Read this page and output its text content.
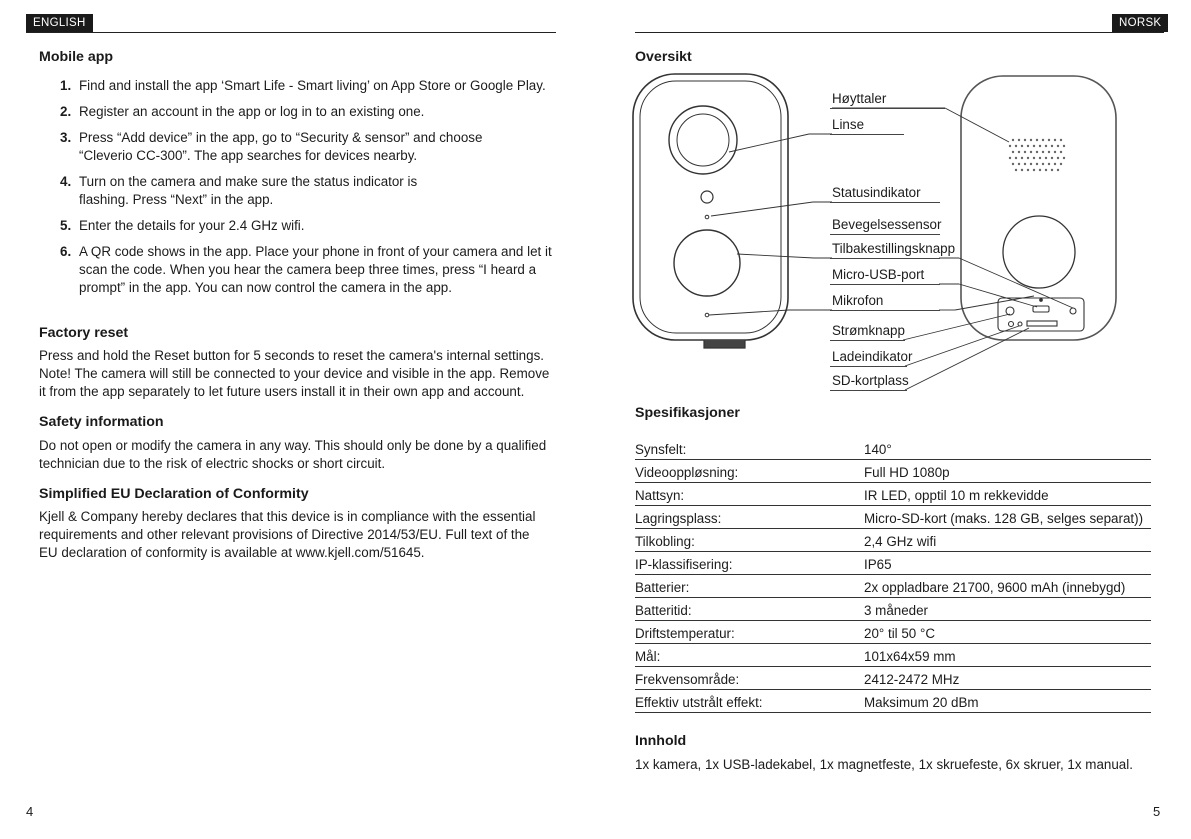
ENGLISH
Mobile app
1. Find and install the app ‘Smart Life - Smart living’ on App Store or Google Play.
2. Register an account in the app or log in to an existing one.
3. Press “Add device” in the app, go to “Security & sensor” and choose “Cleverio CC-300”. The app searches for devices nearby.
4. Turn on the camera and make sure the status indicator is flashing. Press “Next” in the app.
5. Enter the details for your 2.4 GHz wifi.
6. A QR code shows in the app. Place your phone in front of your camera and let it scan the code. When you hear the camera beep three times, press “I heard a prompt” in the app. You can now control the camera in the app.
Factory reset

Press and hold the Reset button for 5 seconds to reset the camera's internal settings. Note! The camera will still be connected to your device and visible in the app. Remove it from the app separately to let future users install it in their own app and account.

Safety information

Do not open or modify the camera in any way. This should only be done by a qualified technician due to the risk of electric shocks or short circuit.

Simplified EU Declaration of Conformity

Kjell & Company hereby declares that this device is in compliance with the essential requirements and other relevant provisions of Directive 2014/53/EU. Full text of the EU declaration of conformity is available at www.kjell.com/51645.

4
NORSK
Oversikt
Høyttaler
Linse
Statusindikator
Bevegelsessensor
Tilbakestillingsknapp
Micro-USB-port
Mikrofon
Strømknapp
Ladeindikator
SD-kortplass
Spesifikasjoner
Synsfelt:	140°
Videooppløsning:	Full HD 1080p
Nattsyn:	IR LED, opptil 10 m rekkevidde
Lagringsplass:	Micro-SD-kort (maks. 128 GB, selges separat))
Tilkobling:	2,4 GHz wifi
IP-klassifisering:	IP65
Batterier:	2x oppladbare 21700, 9600 mAh (innebygd)
Batteritid:	3 måneder
Driftstemperatur:	20° til 50 °C
Mål:	101x64x59 mm
Frekvensområde:	2412-2472 MHz
Effektiv utstrålt effekt:	Maksimum 20 dBm
Innhold

1x kamera, 1x USB-ladekabel, 1x magnetfeste, 1x skruefeste, 6x skruer, 1x manual.

5
